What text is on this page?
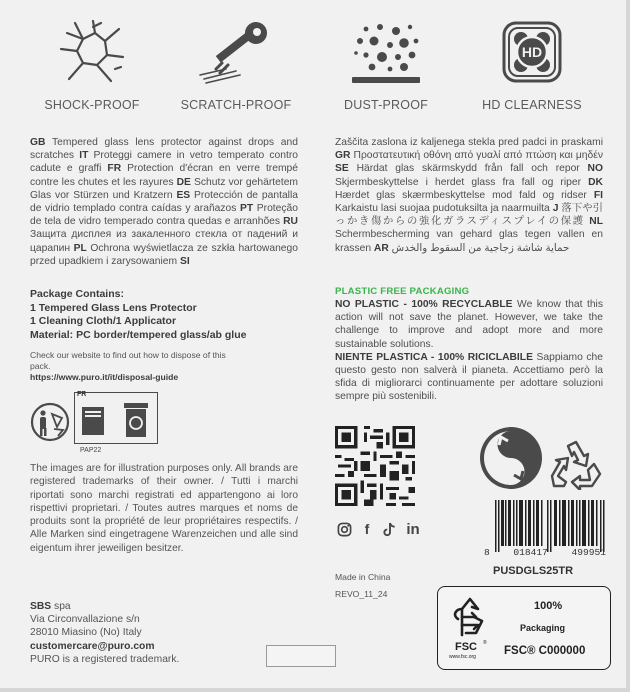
SHOCK-PROOF	SCRATCH-PROOF	DUST-PROOF
HD
HD CLEARNESS
GB Tempered glass lens protector against drops and scratches IT Proteggi camere in vetro temperato contro cadute e graffi FR Protection d'écran en verre trempé contre les chutes et les rayures DE Schutz vor gehärtetem Glas vor Stürzen und Kratzern ES Protección de pantalla de vidrio templado contra caídas y arañazos PT Proteção de tela de vidro temperado contra quedas e arranhões RU Защита дисплея из закаленного стекла от падений и царапин PL Ochrona wyświetlacza ze szkła hartowanego przed upadkiem i zarysowaniem SI
Zaščita zaslona iz kaljenega stekla pred padci in praskami GR Προστατευτική οθόνη από γυαλί από πτώση και μηδέν SE Härdat glas skärmskydd från fall och repor NO Skjermbeskyttelse i herdet glass fra fall og riper DK Hærdet glas skærmbeskyttelse mod fald og ridser FI Karkaistu lasi suojaa pudotuksilta ja naarmuilta J 落下や引っかき傷からの強化ガラスディスプレイの保護 NL Schermbescherming van gehard glas tegen vallen en krassen AR حماية شاشة زجاجية من السقوط والخدش
Package Contains:
1 Tempered Glass Lens Protector
1 Cleaning Cloth/1 Applicator
Material: PC border/tempered glass/ab glue
Check our website to find out how to dispose of this pack.
https://www.puro.it/it/disposal-guide
FR
PAP22
The images are for illustration purposes only. All brands are registered trademarks of their owner. / Tutti i marchi riportati sono marchi registrati ed appartengono ai loro rispettivi proprietari. / Toutes autres marques et noms de produits sont la propriété de leur propriétaires respectifs. / Alle Marken sind eingetragene Warenzeichen und alle sind eigentum ihrer jeweiligen besitzer.
SBS spa
Via Circonvallazione s/n
28010 Miasino (No) Italy
customercare@puro.com
PURO is a registered trademark.
PLASTIC FREE PACKAGING
NO PLASTIC - 100% RECYCLABLE We know that this action will not save the planet. However, we take the challenge to improve and adopt more and more sustainable solutions.
NIENTE PLASTICA - 100% RICICLABILE Sappiamo che questo gesto non salverà il pianeta. Accettiamo però la sfida di migliorarci continuamente per adottare soluzioni sempre più sostenibili.
f	in
8 018417 499951
Made in China
REVO_11_24
PUSDGLS25TR
FSC ®
www.fsc.org
100%
Packaging
FSC® C000000
